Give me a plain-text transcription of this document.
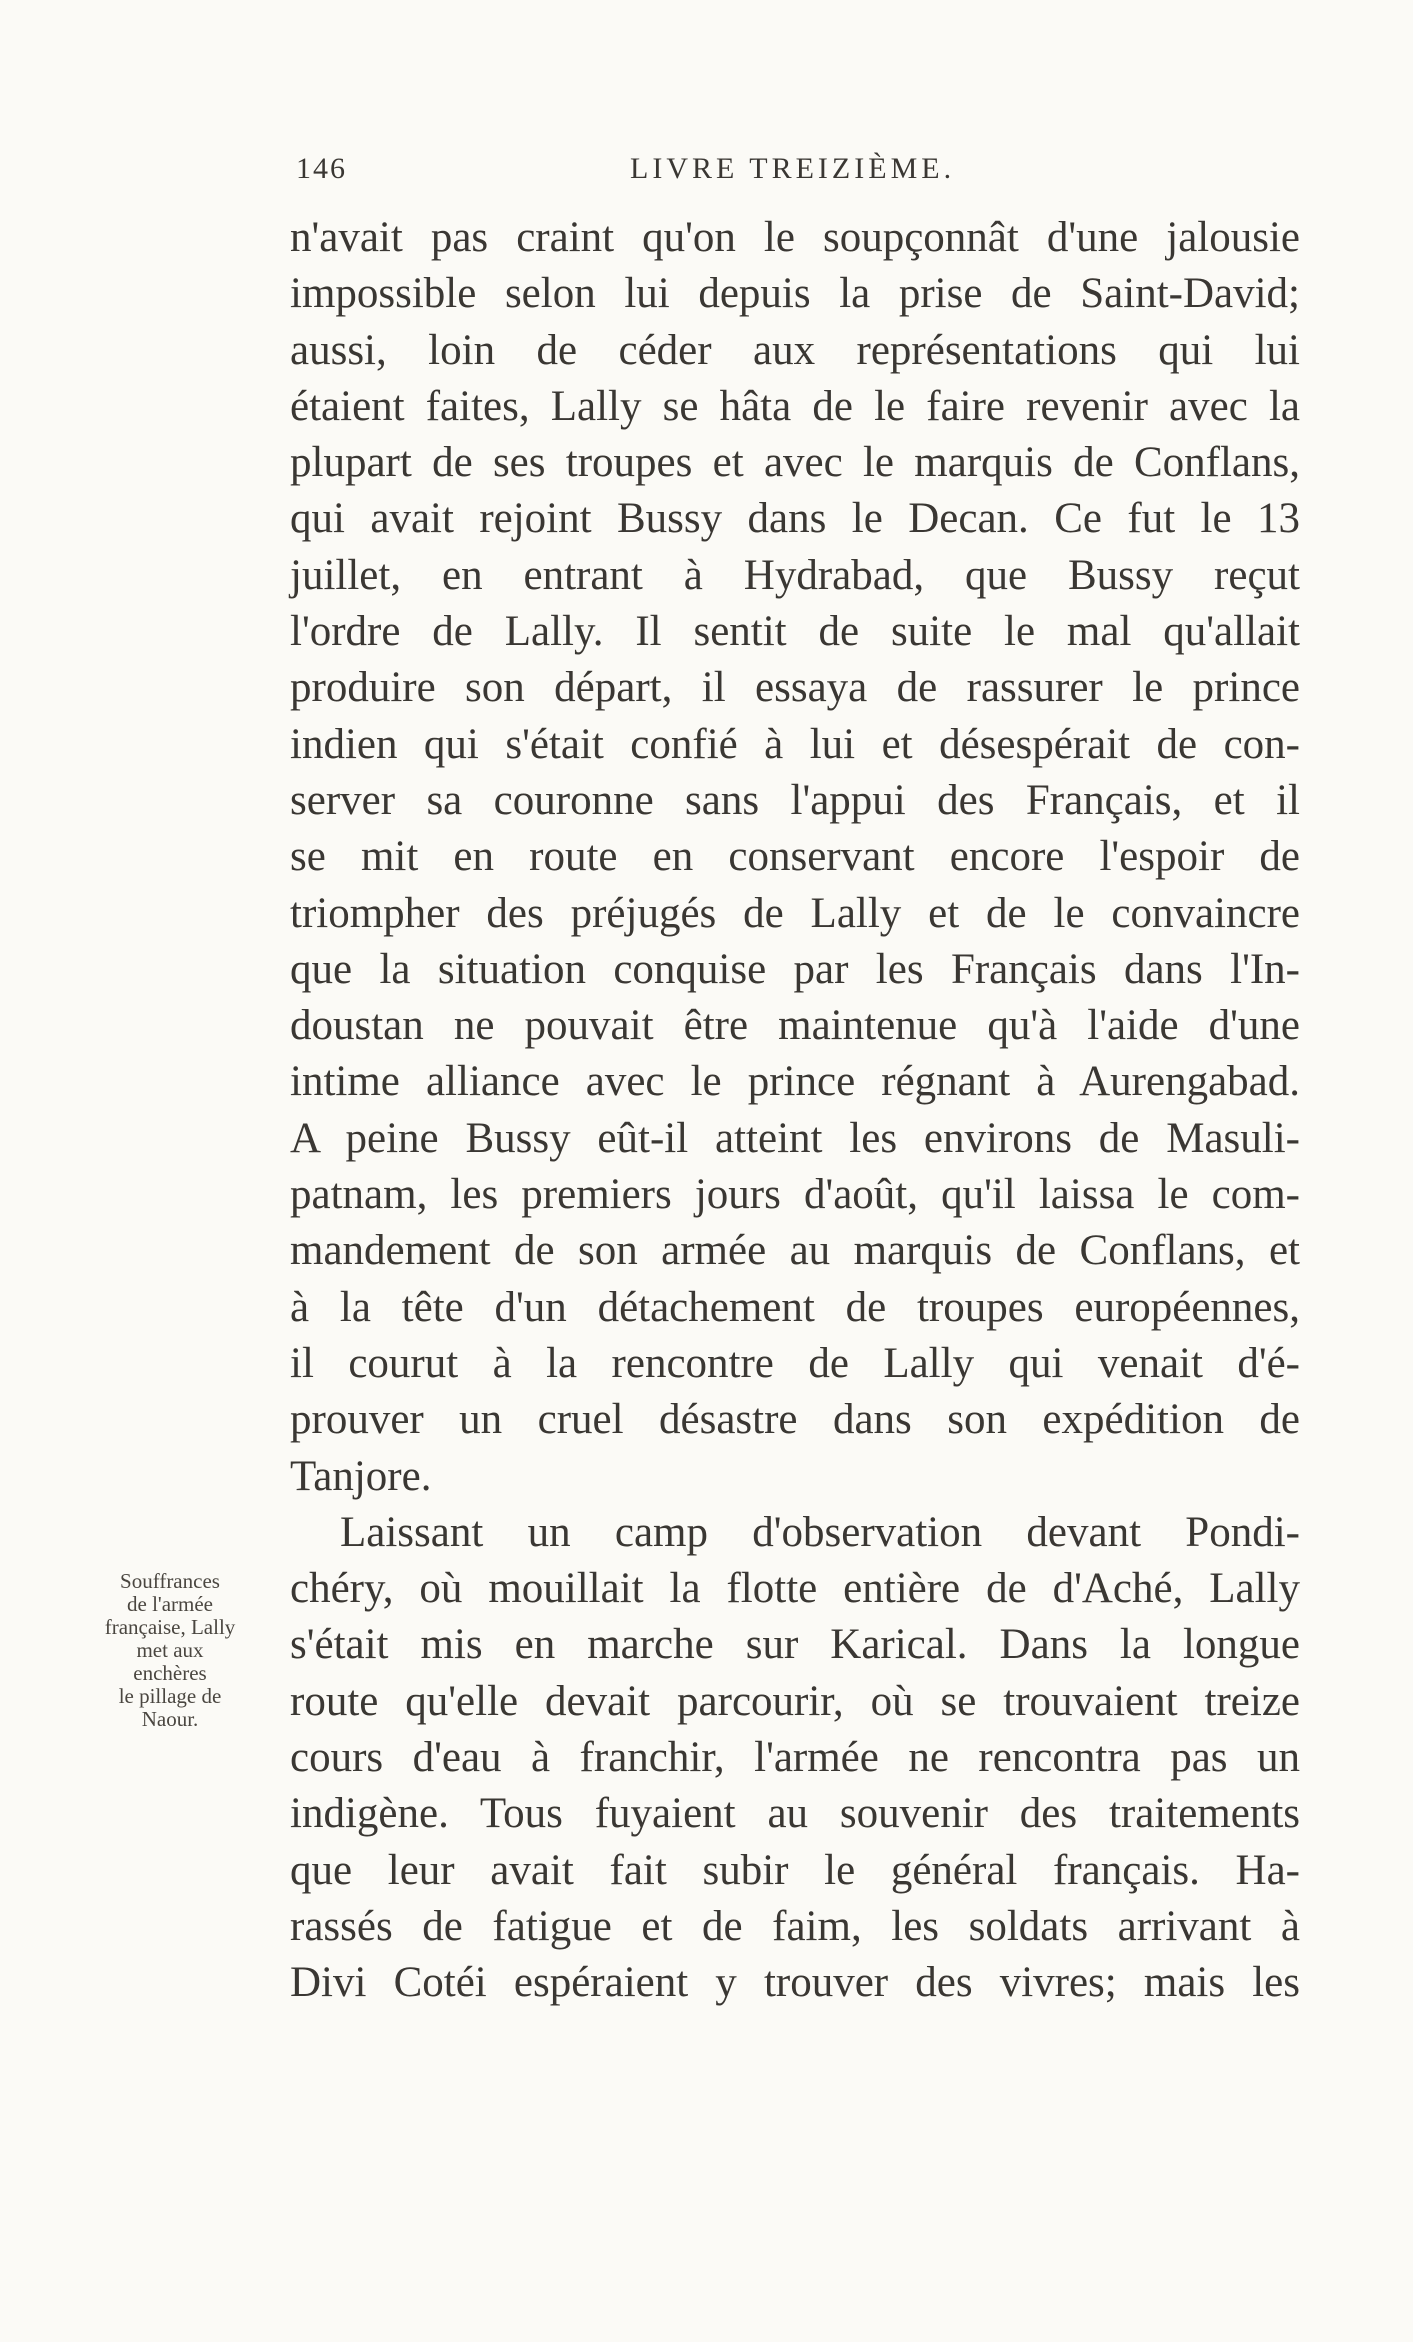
146	LIVRE TREIZIÈME.
Souffrances
de l'armée
française, Lally
met aux
enchères
le pillage de
Naour.
n'avait pas craint qu'on le soupçonnât d'une jalousie
impossible selon lui depuis la prise de Saint-David;
aussi, loin de céder aux représentations qui lui
étaient faites, Lally se hâta de le faire revenir avec la
plupart de ses troupes et avec le marquis de Conflans,
qui avait rejoint Bussy dans le Decan. Ce fut le 13
juillet, en entrant à Hydrabad, que Bussy reçut
l'ordre de Lally. Il sentit de suite le mal qu'allait
produire son départ, il essaya de rassurer le prince
indien qui s'était confié à lui et désespérait de con-
server sa couronne sans l'appui des Français, et il
se mit en route en conservant encore l'espoir de
triompher des préjugés de Lally et de le convaincre
que la situation conquise par les Français dans l'In-
doustan ne pouvait être maintenue qu'à l'aide d'une
intime alliance avec le prince régnant à Aurengabad.
A peine Bussy eût-il atteint les environs de Masuli-
patnam, les premiers jours d'août, qu'il laissa le com-
mandement de son armée au marquis de Conflans, et
à la tête d'un détachement de troupes européennes,
il courut à la rencontre de Lally qui venait d'é-
prouver un cruel désastre dans son expédition de
Tanjore.
Laissant un camp d'observation devant Pondi-
chéry, où mouillait la flotte entière de d'Aché, Lally
s'était mis en marche sur Karical. Dans la longue
route qu'elle devait parcourir, où se trouvaient treize
cours d'eau à franchir, l'armée ne rencontra pas un
indigène. Tous fuyaient au souvenir des traitements
que leur avait fait subir le général français. Ha-
rassés de fatigue et de faim, les soldats arrivant à
Divi Cotéi espéraient y trouver des vivres; mais les
